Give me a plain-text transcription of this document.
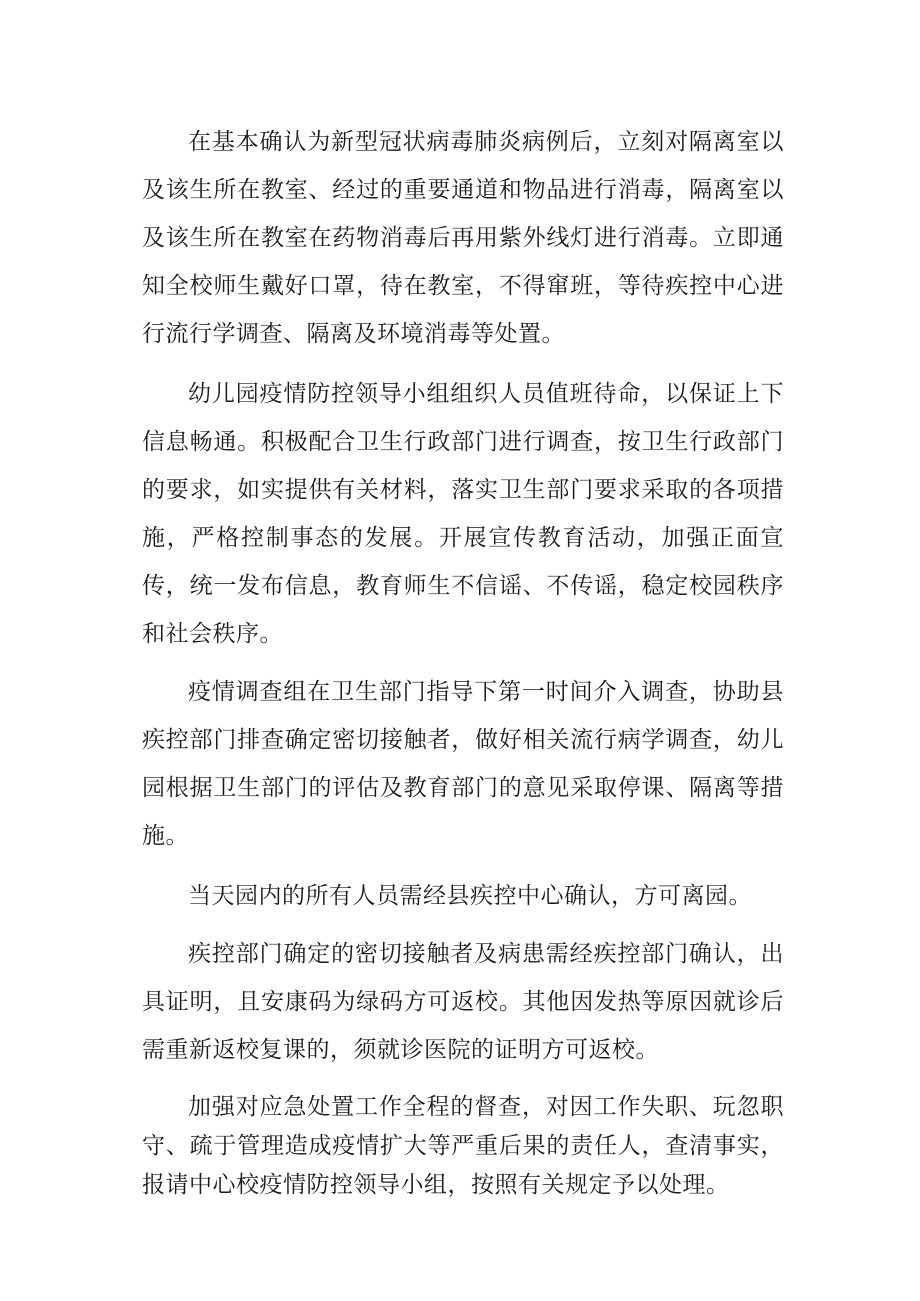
在基本确认为新型冠状病毒肺炎病例后，立刻对隔离室以及该生所在教室、经过的重要通道和物品进行消毒，隔离室以及该生所在教室在药物消毒后再用紫外线灯进行消毒。立即通知全校师生戴好口罩，待在教室，不得窜班，等待疾控中心进行流行学调查、隔离及环境消毒等处置。

幼儿园疫情防控领导小组组织人员值班待命，以保证上下信息畅通。积极配合卫生行政部门进行调查，按卫生行政部门的要求，如实提供有关材料，落实卫生部门要求采取的各项措施，严格控制事态的发展。开展宣传教育活动，加强正面宣传，统一发布信息，教育师生不信谣、不传谣，稳定校园秩序和社会秩序。

疫情调查组在卫生部门指导下第一时间介入调查，协助县疾控部门排查确定密切接触者，做好相关流行病学调查，幼儿园根据卫生部门的评估及教育部门的意见采取停课、隔离等措施。

当天园内的所有人员需经县疾控中心确认，方可离园。

疾控部门确定的密切接触者及病患需经疾控部门确认，出具证明，且安康码为绿码方可返校。其他因发热等原因就诊后需重新返校复课的，须就诊医院的证明方可返校。

加强对应急处置工作全程的督查，对因工作失职、玩忽职守、疏于管理造成疫情扩大等严重后果的责任人，查清事实，报请中心校疫情防控领导小组，按照有关规定予以处理。
